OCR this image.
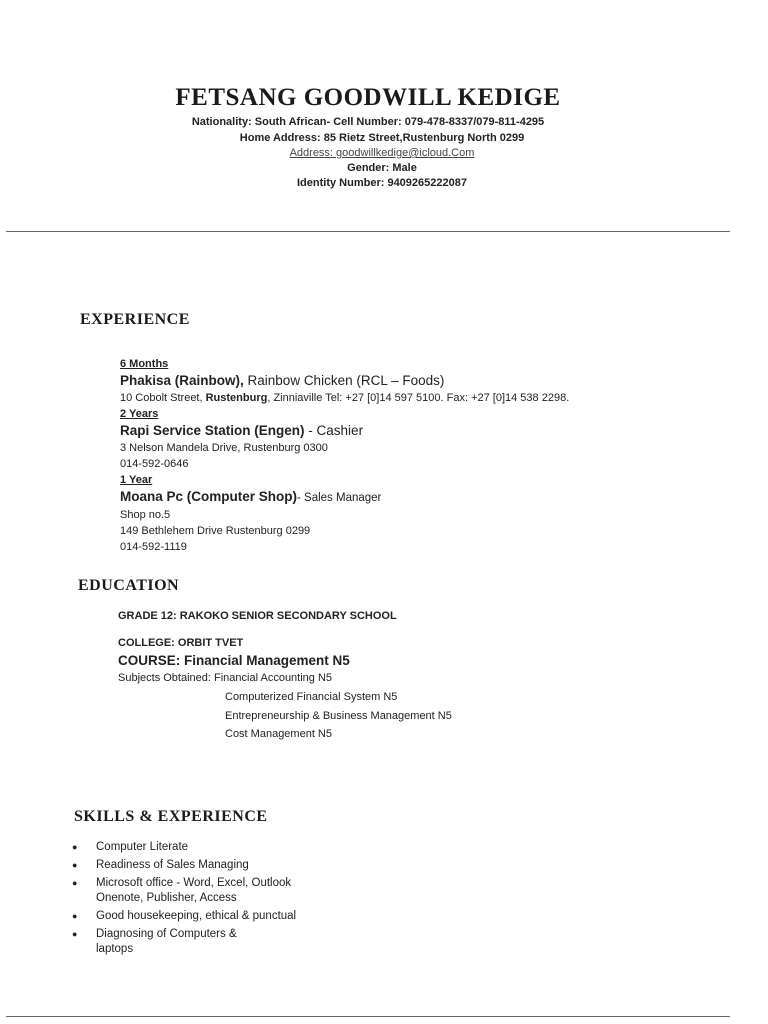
FETSANG GOODWILL KEDIGE
Nationality: South African- Cell Number: 079-478-8337/079-811-4295
Home Address: 85 Rietz Street,Rustenburg North 0299
Address: goodwillkedige@icloud.Com
Gender: Male
Identity Number: 9409265222087
EXPERIENCE
6 Months
Phakisa (Rainbow), Rainbow Chicken (RCL – Foods)
10 Cobolt Street, Rustenburg, Zinniaville Tel: +27 [0]14 597 5100. Fax: +27 [0]14 538 2298.
2 Years
Rapi Service Station (Engen) - Cashier
3 Nelson Mandela Drive, Rustenburg 0300
014-592-0646
1 Year
Moana Pc (Computer Shop)- Sales Manager
Shop no.5
149 Bethlehem Drive Rustenburg 0299
014-592-1119
EDUCATION
GRADE 12: RAKOKO SENIOR SECONDARY SCHOOL
COLLEGE: ORBIT TVET
COURSE: Financial Management N5
Subjects Obtained: Financial Accounting N5
Computerized Financial System N5
Entrepreneurship & Business Management N5
Cost Management N5
SKILLS & EXPERIENCE
● Computer Literate
● Readiness of Sales Managing
● Microsoft office - Word, Excel, Outlook Onenote, Publisher, Access
● Good housekeeping, ethical & punctual
● Diagnosing of Computers & laptops
